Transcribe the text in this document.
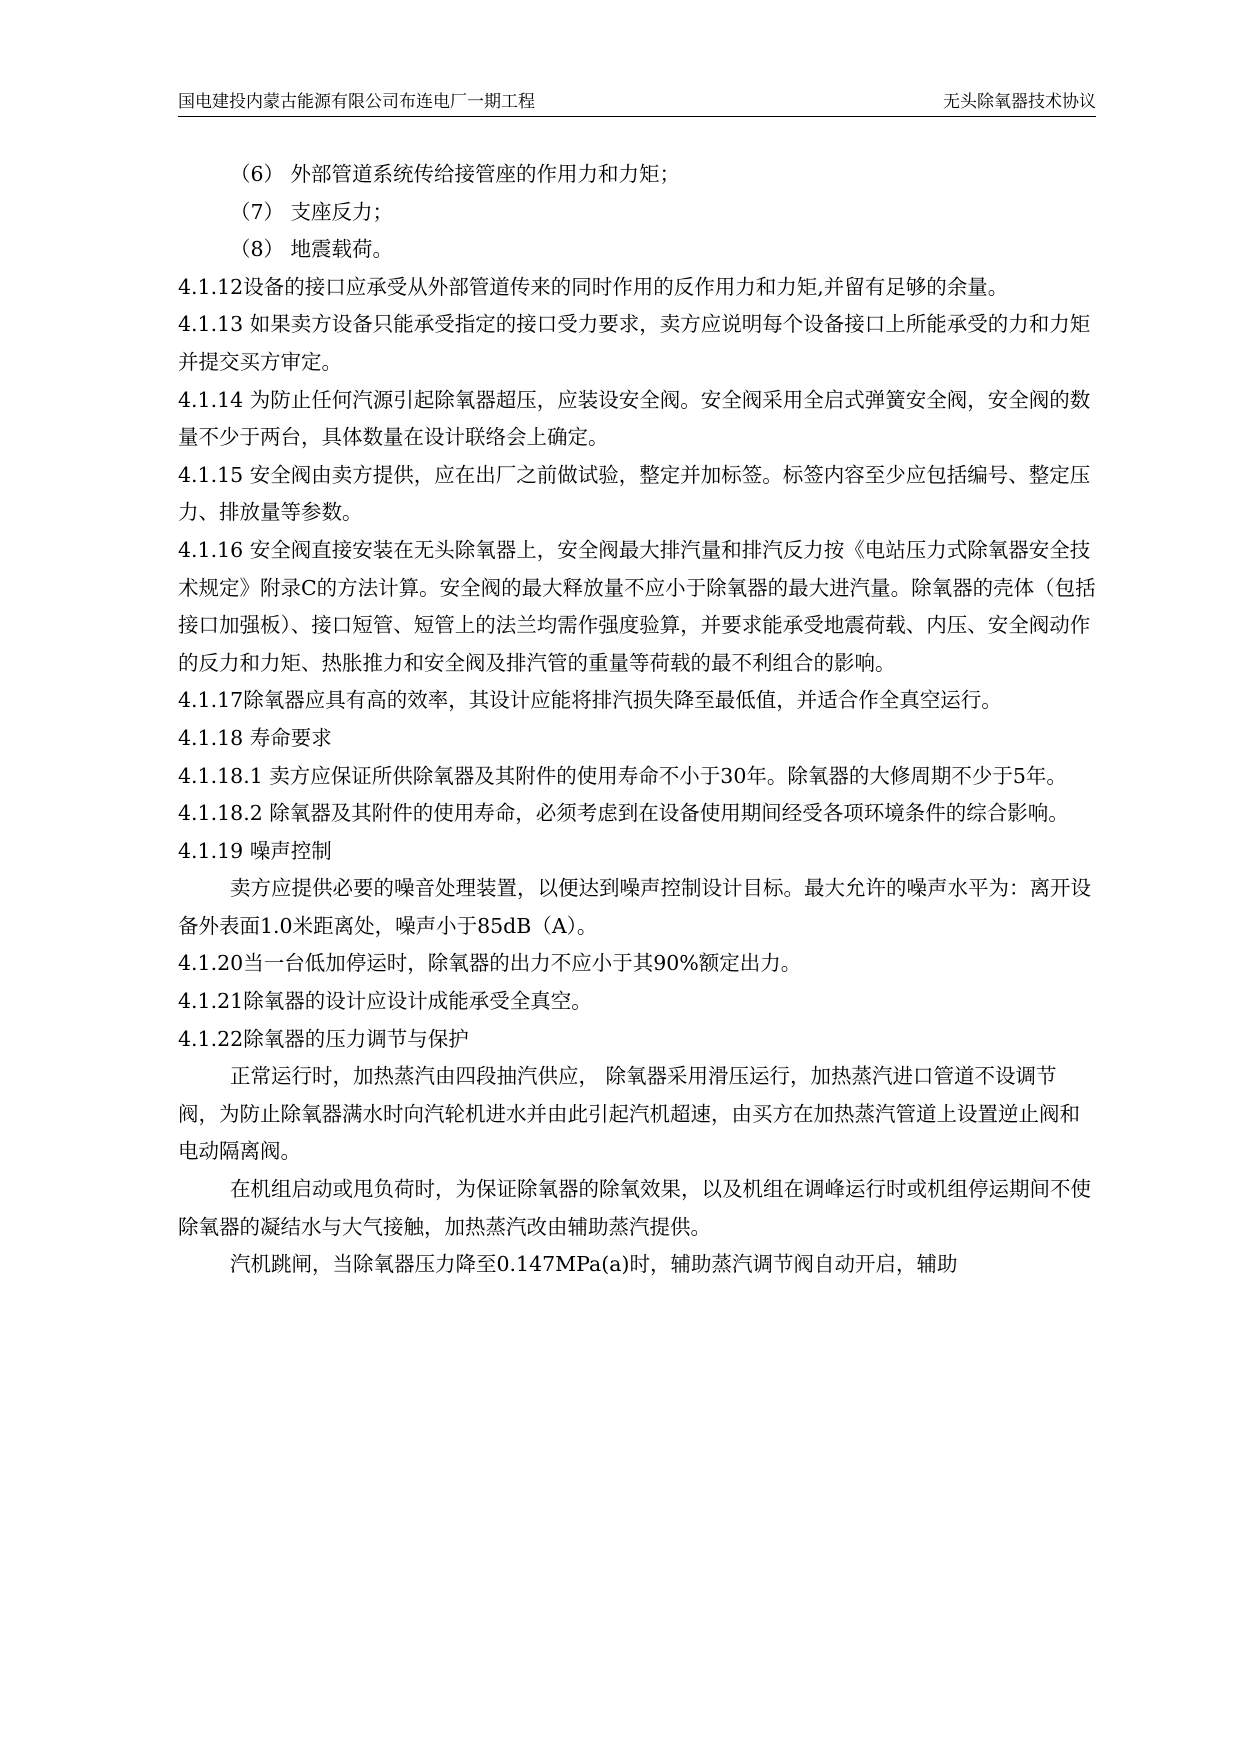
国电建投内蒙古能源有限公司布连电厂一期工程	无头除氧器技术协议

（6） 外部管道系统传给接管座的作用力和力矩；

（7） 支座反力；

（8） 地震载荷。

4.1.12设备的接口应承受从外部管道传来的同时作用的反作用力和力矩,并留有足够的余量。

4.1.13 如果卖方设备只能承受指定的接口受力要求，卖方应说明每个设备接口上所能承受的力和力矩并提交买方审定。

4.1.14 为防止任何汽源引起除氧器超压，应装设安全阀。安全阀采用全启式弹簧安全阀，安全阀的数量不少于两台，具体数量在设计联络会上确定。

4.1.15 安全阀由卖方提供，应在出厂之前做试验，整定并加标签。标签内容至少应包括编号、整定压力、排放量等参数。

4.1.16 安全阀直接安装在无头除氧器上，安全阀最大排汽量和排汽反力按《电站压力式除氧器安全技术规定》附录C的方法计算。安全阀的最大释放量不应小于除氧器的最大进汽量。除氧器的壳体（包括接口加强板）、接口短管、短管上的法兰均需作强度验算，并要求能承受地震荷载、内压、安全阀动作的反力和力矩、热胀推力和安全阀及排汽管的重量等荷载的最不利组合的影响。

4.1.17除氧器应具有高的效率，其设计应能将排汽损失降至最低值，并适合作全真空运行。

4.1.18 寿命要求

4.1.18.1 卖方应保证所供除氧器及其附件的使用寿命不小于30年。除氧器的大修周期不少于5年。

4.1.18.2 除氧器及其附件的使用寿命，必须考虑到在设备使用期间经受各项环境条件的综合影响。

4.1.19 噪声控制

卖方应提供必要的噪音处理装置，以便达到噪声控制设计目标。最大允许的噪声水平为：离开设备外表面1.0米距离处，噪声小于85dB（A）。

4.1.20当一台低加停运时，除氧器的出力不应小于其90%额定出力。

4.1.21除氧器的设计应设计成能承受全真空。

4.1.22除氧器的压力调节与保护

正常运行时，加热蒸汽由四段抽汽供应， 除氧器采用滑压运行，加热蒸汽进口管道不设调节阀，为防止除氧器满水时向汽轮机进水并由此引起汽机超速，由买方在加热蒸汽管道上设置逆止阀和电动隔离阀。

在机组启动或甩负荷时，为保证除氧器的除氧效果，以及机组在调峰运行时或机组停运期间不使除氧器的凝结水与大气接触，加热蒸汽改由辅助蒸汽提供。

汽机跳闸，当除氧器压力降至0.147MPa(a)时，辅助蒸汽调节阀自动开启，辅助
